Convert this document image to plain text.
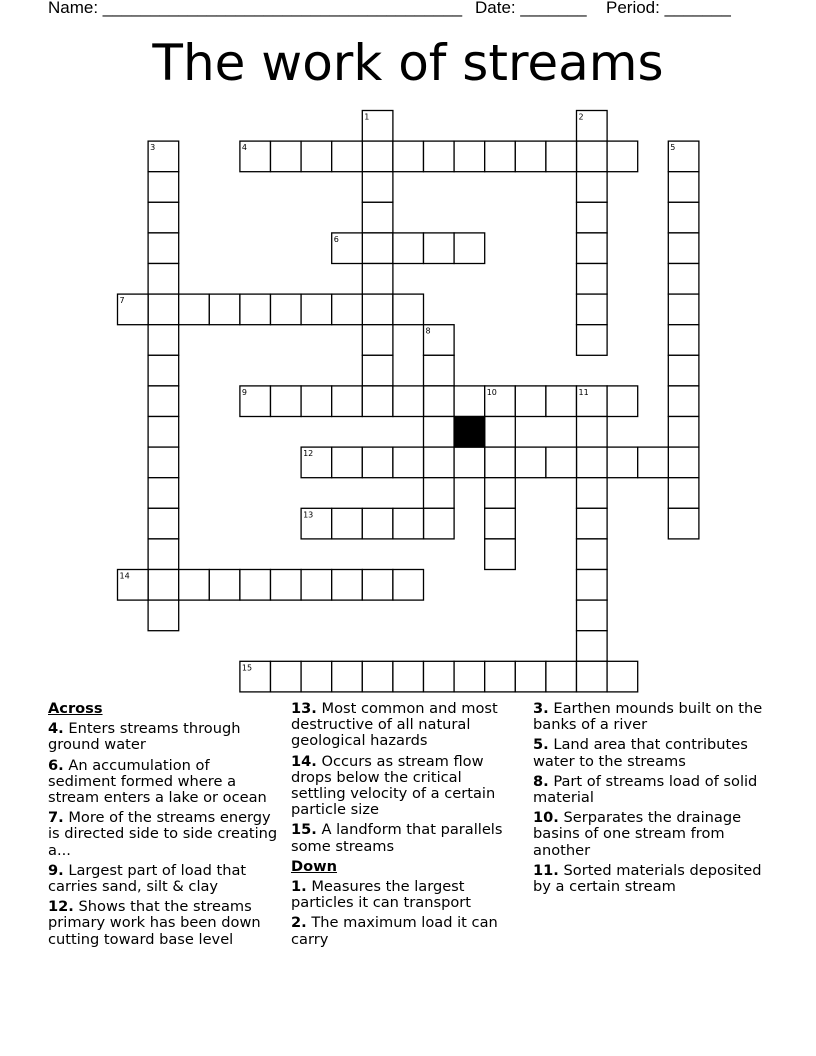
Name: ______________________________________ Date: _______ Period: _______
The work of streams
1	2
3	4	5
6
7
8
9	10	11
12
13
14
15
Across
4. Enters streams through ground water
6. An accumulation of sediment formed where a stream enters a lake or ocean
7. More of the streams energy is directed side to side creating a...
9. Largest part of load that carries sand, silt & clay
12. Shows that the streams primary work has been down cutting toward base level
13. Most common and most destructive of all natural geological hazards
14. Occurs as stream flow drops below the critical settling velocity of a certain particle size
15. A landform that parallels some streams
Down
1. Measures the largest particles it can transport
2. The maximum load it can carry
3. Earthen mounds built on the banks of a river
5. Land area that contributes water to the streams
8. Part of streams load of solid material
10. Serparates the drainage basins of one stream from another
11. Sorted materials deposited by a certain stream
